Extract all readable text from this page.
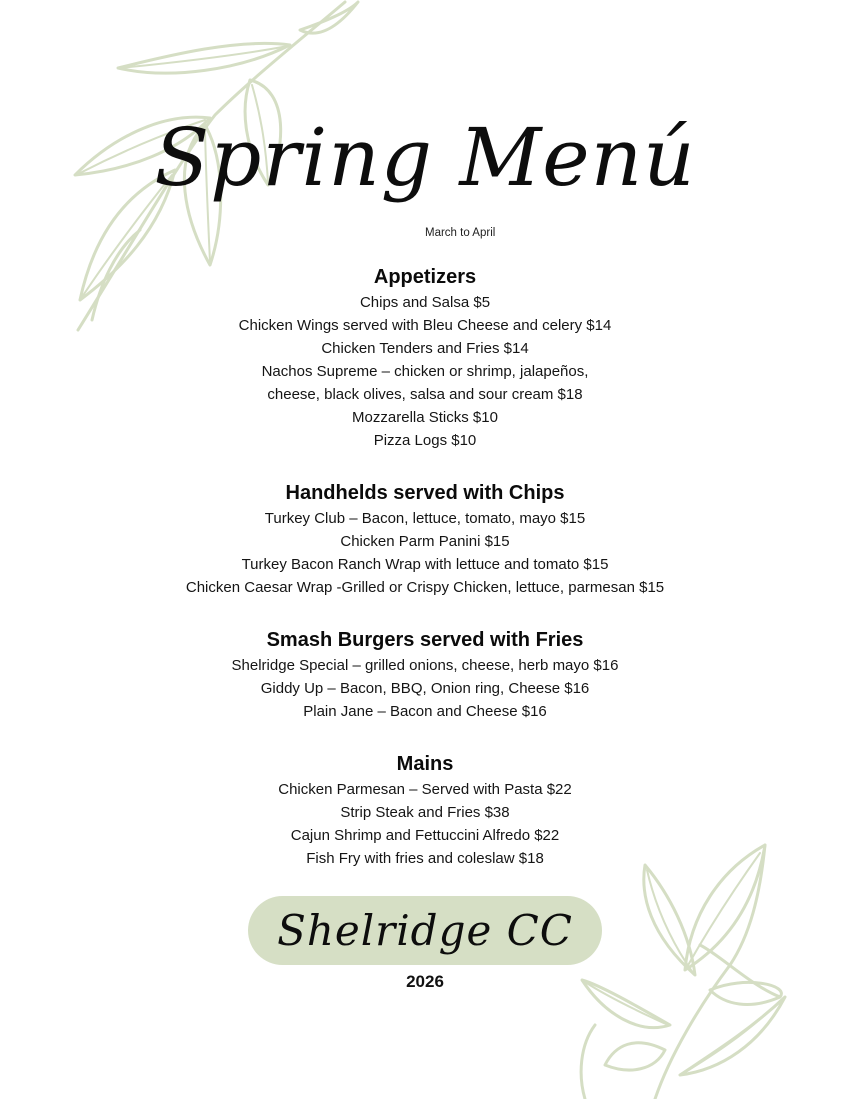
Spring Menú

March to April

Appetizers
Chips and Salsa $5
Chicken Wings served with Bleu Cheese and celery $14
Chicken Tenders and Fries $14
Nachos Supreme – chicken or shrimp, jalapeños,
cheese, black olives, salsa and sour cream $18
Mozzarella Sticks $10
Pizza Logs $10
Handhelds served with Chips
Turkey Club – Bacon, lettuce, tomato, mayo $15
Chicken Parm Panini $15
Turkey Bacon Ranch Wrap with lettuce and tomato $15
Chicken Caesar Wrap -Grilled or Crispy Chicken, lettuce, parmesan $15
Smash Burgers served with Fries
Shelridge Special – grilled onions, cheese, herb mayo $16
Giddy Up – Bacon, BBQ, Onion ring, Cheese $16
Plain Jane – Bacon and Cheese $16
Mains
Chicken Parmesan – Served with Pasta $22
Strip Steak and Fries $38
Cajun Shrimp and Fettuccini Alfredo $22
Fish Fry with fries and coleslaw $18
Shelridge CC
2026
